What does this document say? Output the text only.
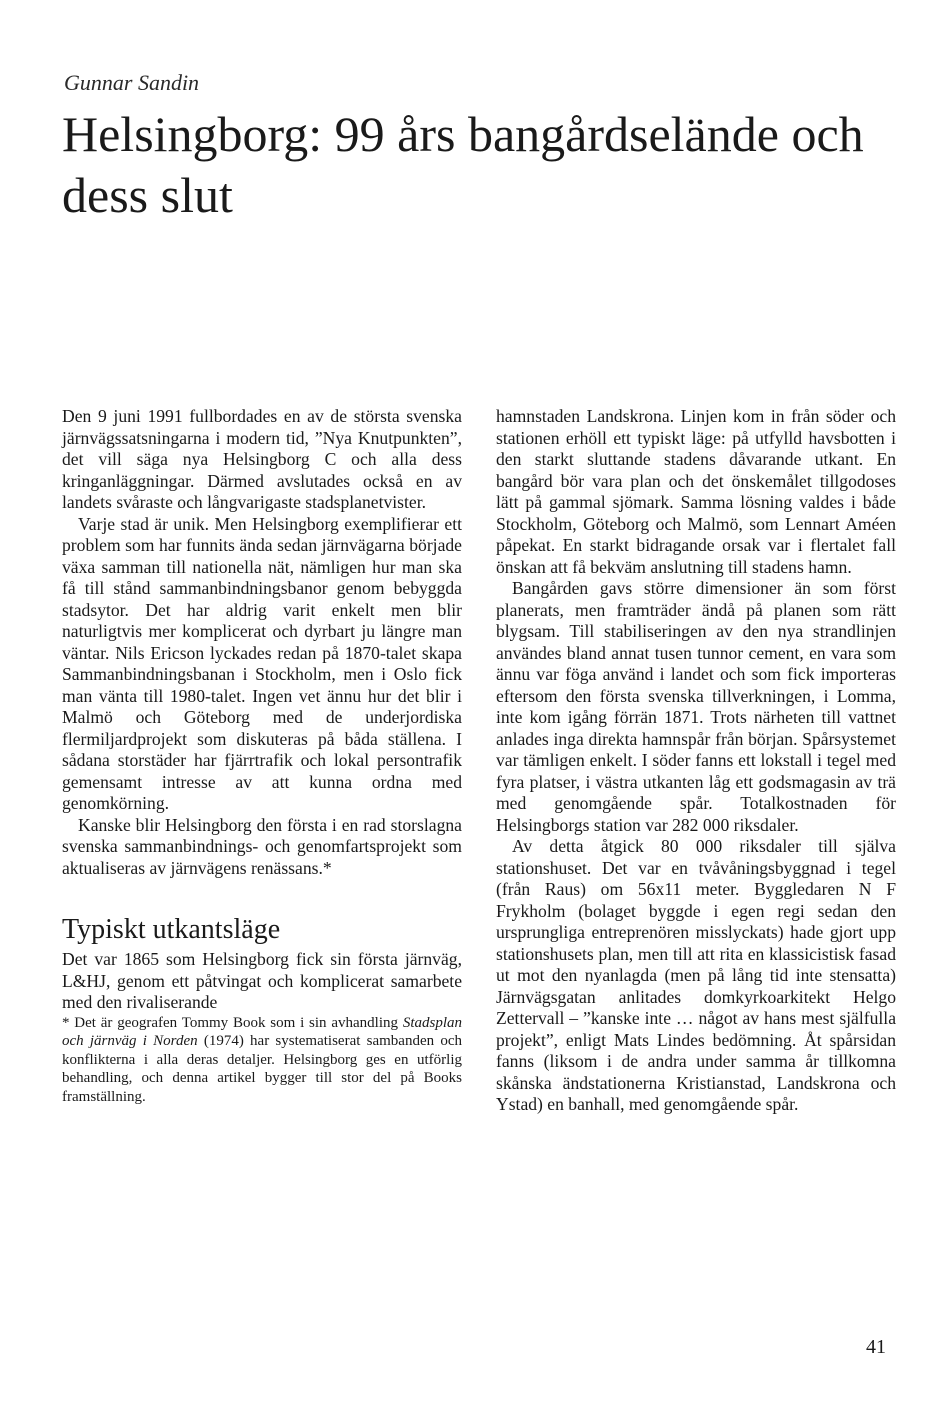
Gunnar Sandin

Helsingborg: 99 års bangårdselände och dess slut

Den 9 juni 1991 fullbordades en av de största svenska järnvägssatsningarna i modern tid, ”Nya Knutpunkten”, det vill säga nya Helsingborg C och alla dess kringanläggningar. Därmed avslutades också en av landets svåraste och långvarigaste stadsplanetvister.

Varje stad är unik. Men Helsingborg exemplifierar ett problem som har funnits ända sedan järnvägarna började växa samman till nationella nät, nämligen hur man ska få till stånd sammanbindningsbanor genom bebyggda stadsytor. Det har aldrig varit enkelt men blir naturligtvis mer komplicerat och dyrbart ju längre man väntar. Nils Ericson lyckades redan på 1870-talet skapa Sammanbindningsbanan i Stockholm, men i Oslo fick man vänta till 1980-talet. Ingen vet ännu hur det blir i Malmö och Göteborg med de underjordiska flermiljardprojekt som diskuteras på båda ställena. I sådana storstäder har fjärrtrafik och lokal persontrafik gemensamt intresse av att kunna ordna med genomkörning.

Kanske blir Helsingborg den första i en rad storslagna svenska sammanbindnings- och genomfartsprojekt som aktualiseras av järnvägens renässans.*

Typiskt utkantsläge

Det var 1865 som Helsingborg fick sin första järnväg, L&HJ, genom ett påtvingat och komplicerat samarbete med den rivaliserande

* Det är geografen Tommy Book som i sin avhandling Stadsplan och järnväg i Norden (1974) har systematiserat sambanden och konflikterna i alla deras detaljer. Helsingborg ges en utförlig behandling, och denna artikel bygger till stor del på Books framställning.

hamnstaden Landskrona. Linjen kom in från söder och stationen erhöll ett typiskt läge: på utfylld havsbotten i den starkt sluttande stadens dåvarande utkant. En bangård bör vara plan och det önskemålet tillgodoses lätt på gammal sjömark. Samma lösning valdes i både Stockholm, Göteborg och Malmö, som Lennart Améen påpekat. En starkt bidragande orsak var i flertalet fall önskan att få bekväm anslutning till stadens hamn.

Bangården gavs större dimensioner än som först planerats, men framträder ändå på planen som rätt blygsam. Till stabiliseringen av den nya strandlinjen användes bland annat tusen tunnor cement, en vara som ännu var föga använd i landet och som fick importeras eftersom den första svenska tillverkningen, i Lomma, inte kom igång förrän 1871. Trots närheten till vattnet anlades inga direkta hamnspår från början. Spårsystemet var tämligen enkelt. I söder fanns ett lokstall i tegel med fyra platser, i västra utkanten låg ett godsmagasin av trä med genomgående spår. Totalkostnaden för Helsingborgs station var 282 000 riksdaler.

Av detta åtgick 80 000 riksdaler till själva stationshuset. Det var en tvåvåningsbyggnad i tegel (från Raus) om 56x11 meter. Byggledaren N F Frykholm (bolaget byggde i egen regi sedan den ursprungliga entreprenören misslyckats) hade gjort upp stationshusets plan, men till att rita en klassicistisk fasad ut mot den nyanlagda (men på lång tid inte stensatta) Järnvägsgatan anlitades domkyrkoarkitekt Helgo Zettervall – ”kanske inte … något av hans mest själfulla projekt”, enligt Mats Lindes bedömning. Åt spårsidan fanns (liksom i de andra under samma år tillkomna skånska ändstationerna Kristianstad, Landskrona och Ystad) en banhall, med genomgående spår.

41
